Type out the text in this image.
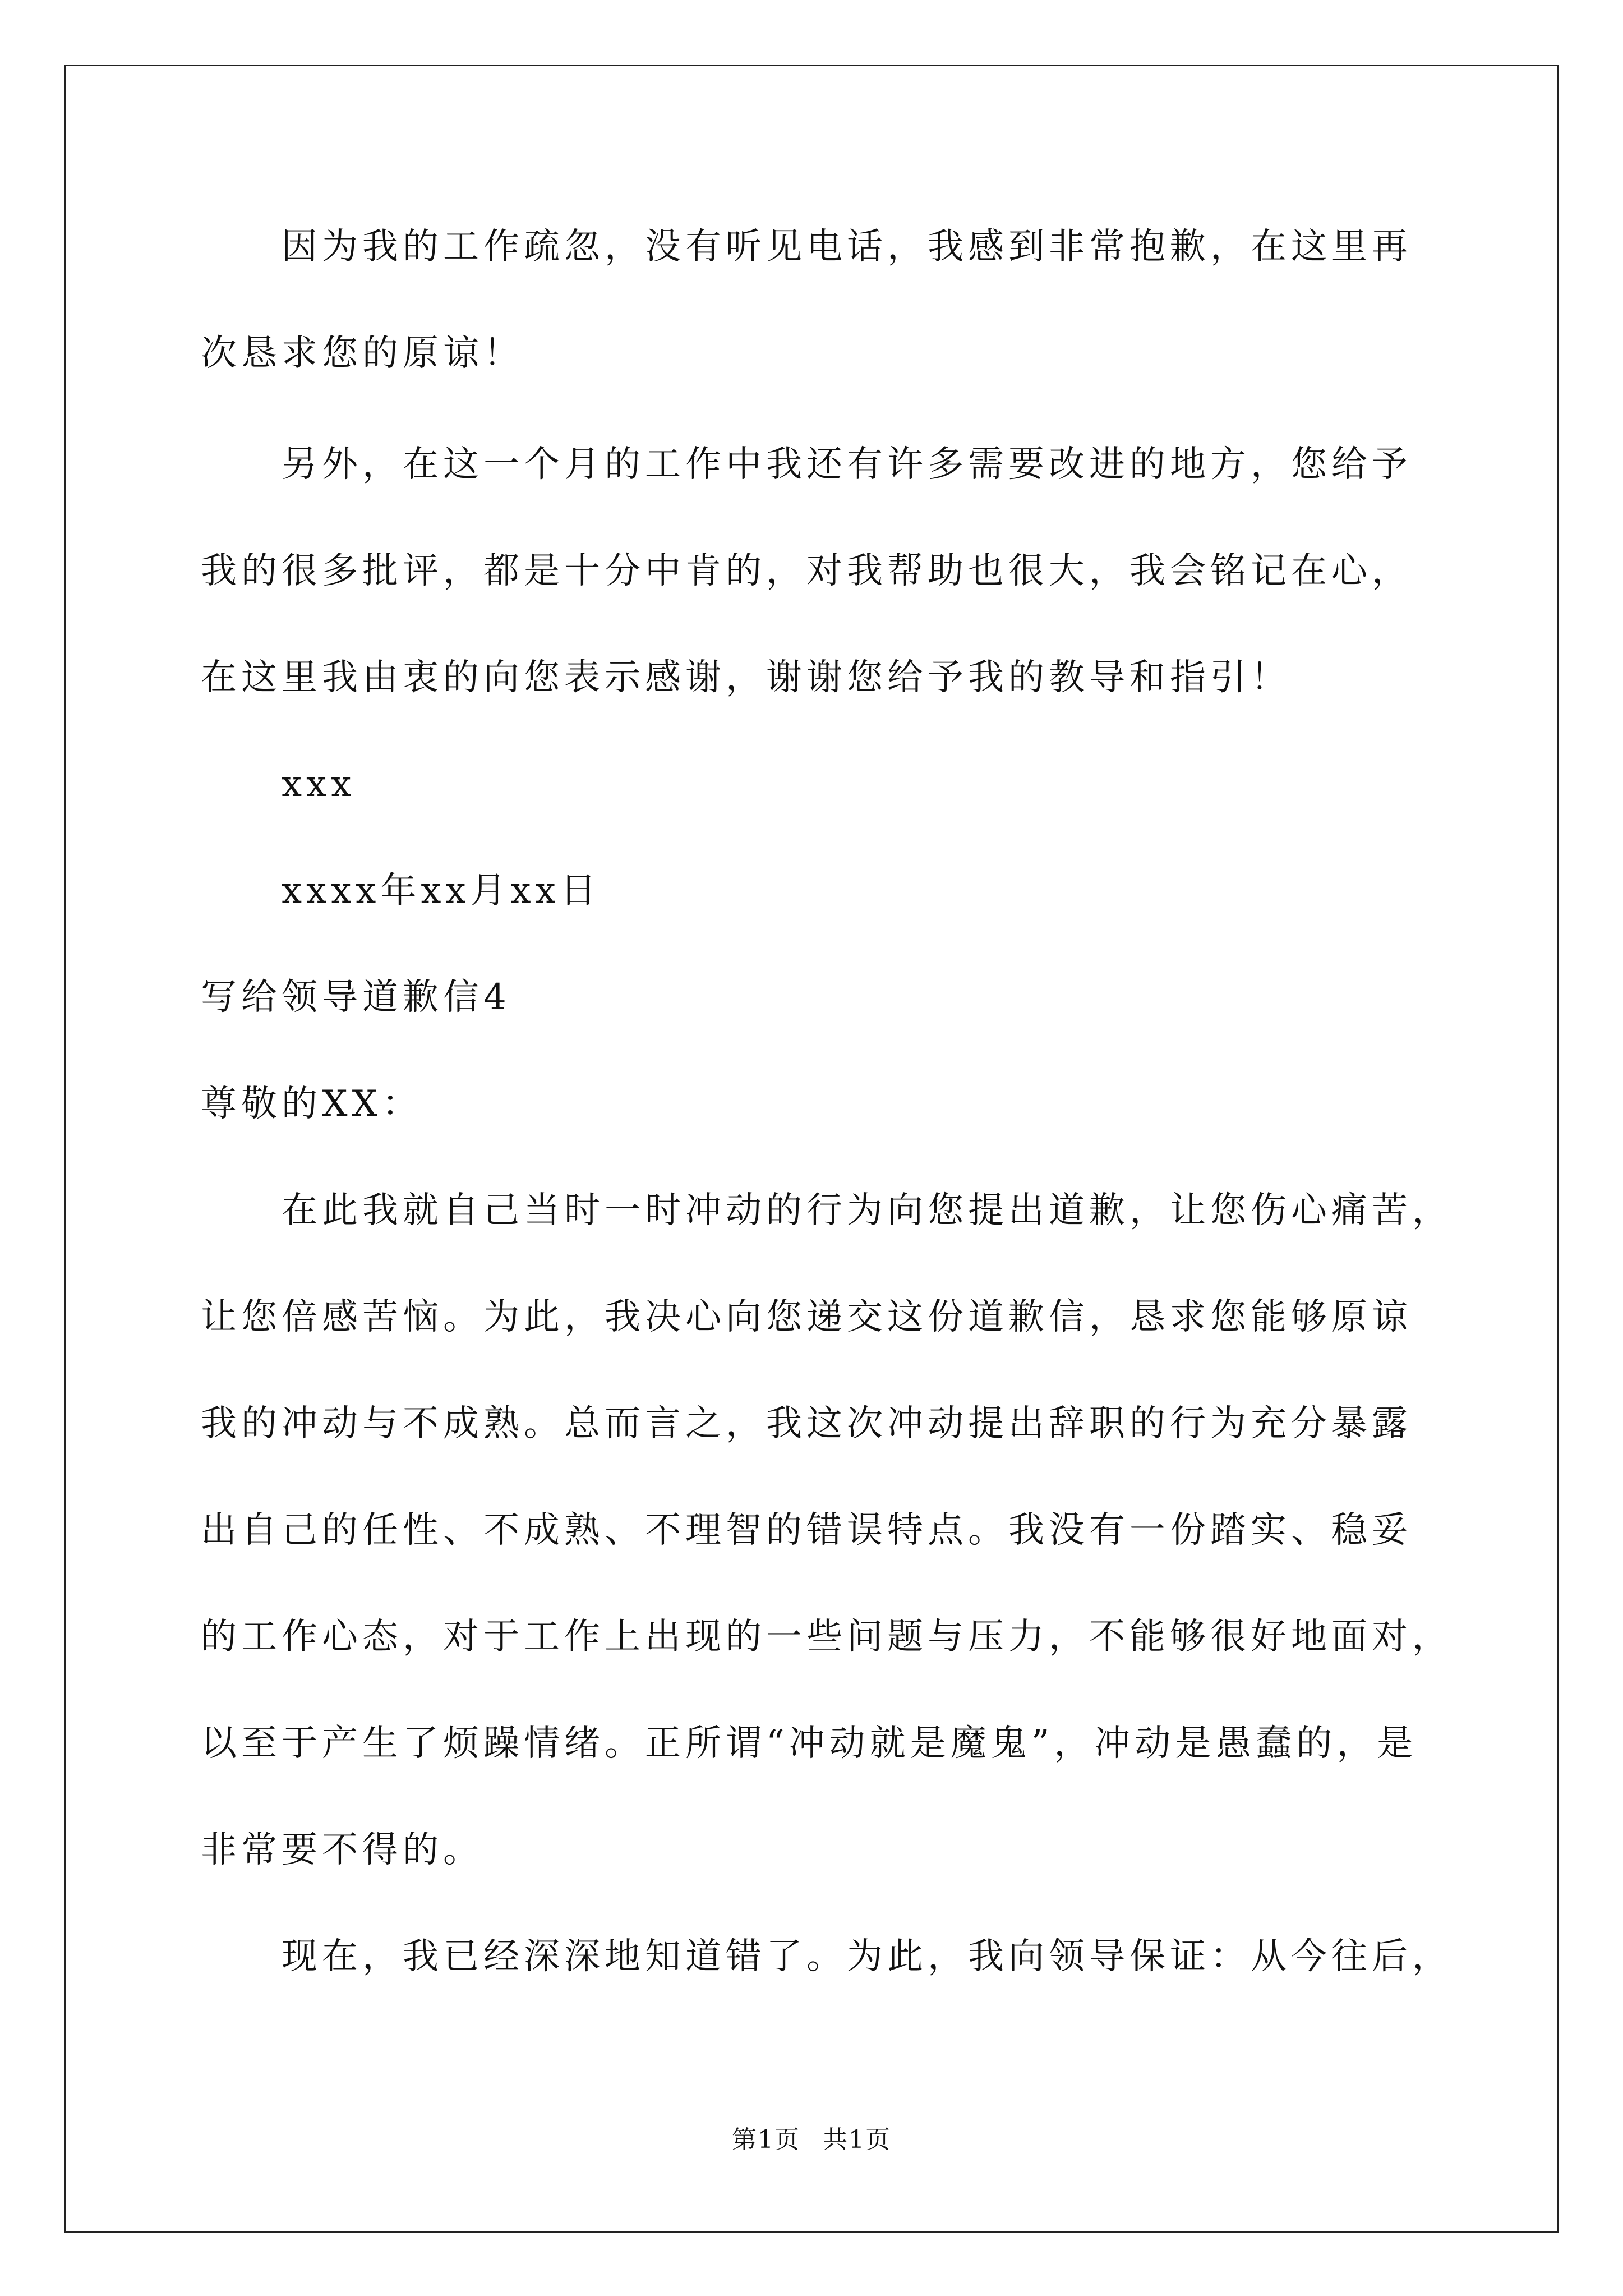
因为我的工作疏忽，没有听见电话，我感到非常抱歉，在这里再
次恳求您的原谅！
另外，在这一个月的工作中我还有许多需要改进的地方，您给予
我的很多批评，都是十分中肯的，对我帮助也很大，我会铭记在心，
在这里我由衷的向您表示感谢，谢谢您给予我的教导和指引！
xxx
xxxx年xx月xx日
写给领导道歉信4
尊敬的XX：
在此我就自己当时一时冲动的行为向您提出道歉，让您伤心痛苦，
让您倍感苦恼。为此，我决心向您递交这份道歉信，恳求您能够原谅
我的冲动与不成熟。总而言之，我这次冲动提出辞职的行为充分暴露
出自己的任性、不成熟、不理智的错误特点。我没有一份踏实、稳妥
的工作心态，对于工作上出现的一些问题与压力，不能够很好地面对，
以至于产生了烦躁情绪。正所谓“冲动就是魔鬼”，冲动是愚蠢的，是
非常要不得的。
现在，我已经深深地知道错了。为此，我向领导保证：从今往后，
第1页 共1页
